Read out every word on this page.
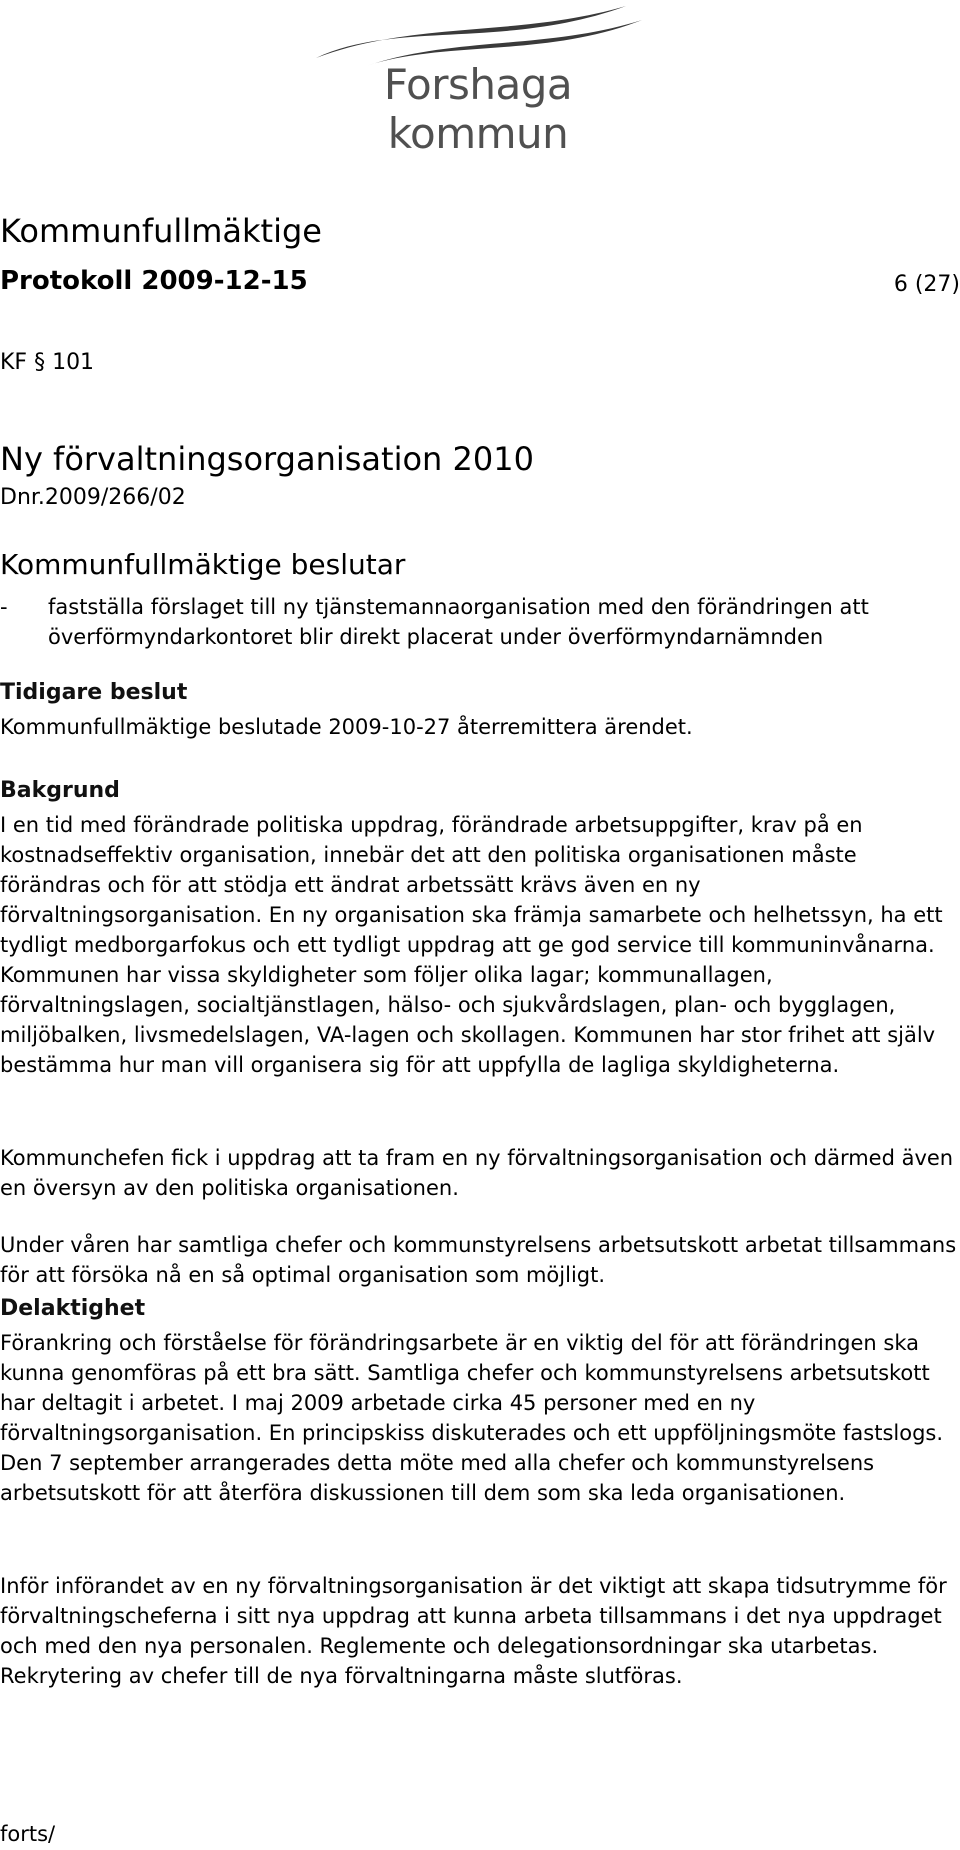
Forshaga kommun
Kommunfullmäktige
Protokoll 2009-12-15	6 (27)
KF § 101
Ny förvaltningsorganisation 2010
Dnr.2009/266/02
Kommunfullmäktige beslutar
- fastställa förslaget till ny tjänstemannaorganisation med den förändringen att överförmyndarkontoret blir direkt placerat under överförmyndarnämnden
Tidigare beslut

Kommunfullmäktige beslutade 2009-10-27 återremittera ärendet.

Bakgrund

I en tid med förändrade politiska uppdrag, förändrade arbetsuppgifter, krav på en kostnadseffektiv organisation, innebär det att den politiska organisationen måste förändras och för att stödja ett ändrat arbetssätt krävs även en ny förvaltningsorganisation. En ny organisation ska främja samarbete och helhetssyn, ha ett tydligt medborgarfokus och ett tydligt uppdrag att ge god service till kommuninvånarna. Kommunen har vissa skyldigheter som följer olika lagar; kommunallagen, förvaltningslagen, socialtjänstlagen, hälso- och sjukvårdslagen, plan- och bygglagen, miljöbalken, livsmedelslagen, VA-lagen och skollagen. Kommunen har stor frihet att själv bestämma hur man vill organisera sig för att uppfylla de lagliga skyldigheterna.

Kommunchefen fick i uppdrag att ta fram en ny förvaltningsorganisation och därmed även en översyn av den politiska organisationen.

Under våren har samtliga chefer och kommunstyrelsens arbetsutskott arbetat tillsammans för att försöka nå en så optimal organisation som möjligt.

Delaktighet

Förankring och förståelse för förändringsarbete är en viktig del för att förändringen ska kunna genomföras på ett bra sätt. Samtliga chefer och kommunstyrelsens arbetsutskott har deltagit i arbetet. I maj 2009 arbetade cirka 45 personer med en ny förvaltningsorganisation. En principskiss diskuterades och ett uppföljningsmöte fastslogs. Den 7 september arrangerades detta möte med alla chefer och kommunstyrelsens arbetsutskott för att återföra diskussionen till dem som ska leda organisationen.

Inför införandet av en ny förvaltningsorganisation är det viktigt att skapa tidsutrymme för förvaltningscheferna i sitt nya uppdrag att kunna arbeta tillsammans i det nya uppdraget och med den nya personalen. Reglemente och delegationsordningar ska utarbetas. Rekrytering av chefer till de nya förvaltningarna måste slutföras.

forts/
